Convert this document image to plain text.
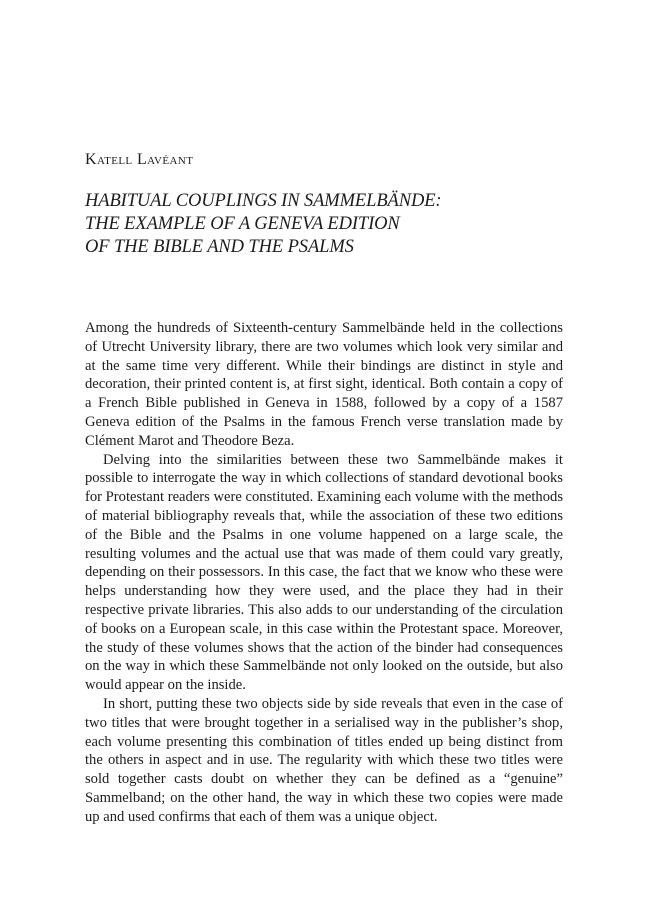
Katell Lavéant

HABITUAL COUPLINGS IN SAMMELBÄNDE:
THE EXAMPLE OF A GENEVA EDITION
OF THE BIBLE AND THE PSALMS

Among the hundreds of Sixteenth-century Sammelbände held in the collections of Utrecht University library, there are two volumes which look very similar and at the same time very different. While their bindings are distinct in style and decoration, their printed content is, at first sight, identical. Both contain a copy of a French Bible published in Geneva in 1588, followed by a copy of a 1587 Geneva edition of the Psalms in the famous French verse translation made by Clément Marot and Theodore Beza.

Delving into the similarities between these two Sammelbände makes it possible to interrogate the way in which collections of standard devotional books for Protestant readers were constituted. Examining each volume with the methods of material bibliography reveals that, while the association of these two editions of the Bible and the Psalms in one volume happened on a large scale, the resulting volumes and the actual use that was made of them could vary greatly, depending on their possessors. In this case, the fact that we know who these were helps understanding how they were used, and the place they had in their respective private libraries. This also adds to our understanding of the circulation of books on a European scale, in this case within the Protestant space. Moreover, the study of these volumes shows that the action of the binder had consequences on the way in which these Sammelbände not only looked on the outside, but also would appear on the inside.

In short, putting these two objects side by side reveals that even in the case of two titles that were brought together in a serialised way in the publisher’s shop, each volume presenting this combination of titles ended up being distinct from the others in aspect and in use. The regularity with which these two titles were sold together casts doubt on whether they can be defined as a “genuine” Sammelband; on the other hand, the way in which these two copies were made up and used confirms that each of them was a unique object.
